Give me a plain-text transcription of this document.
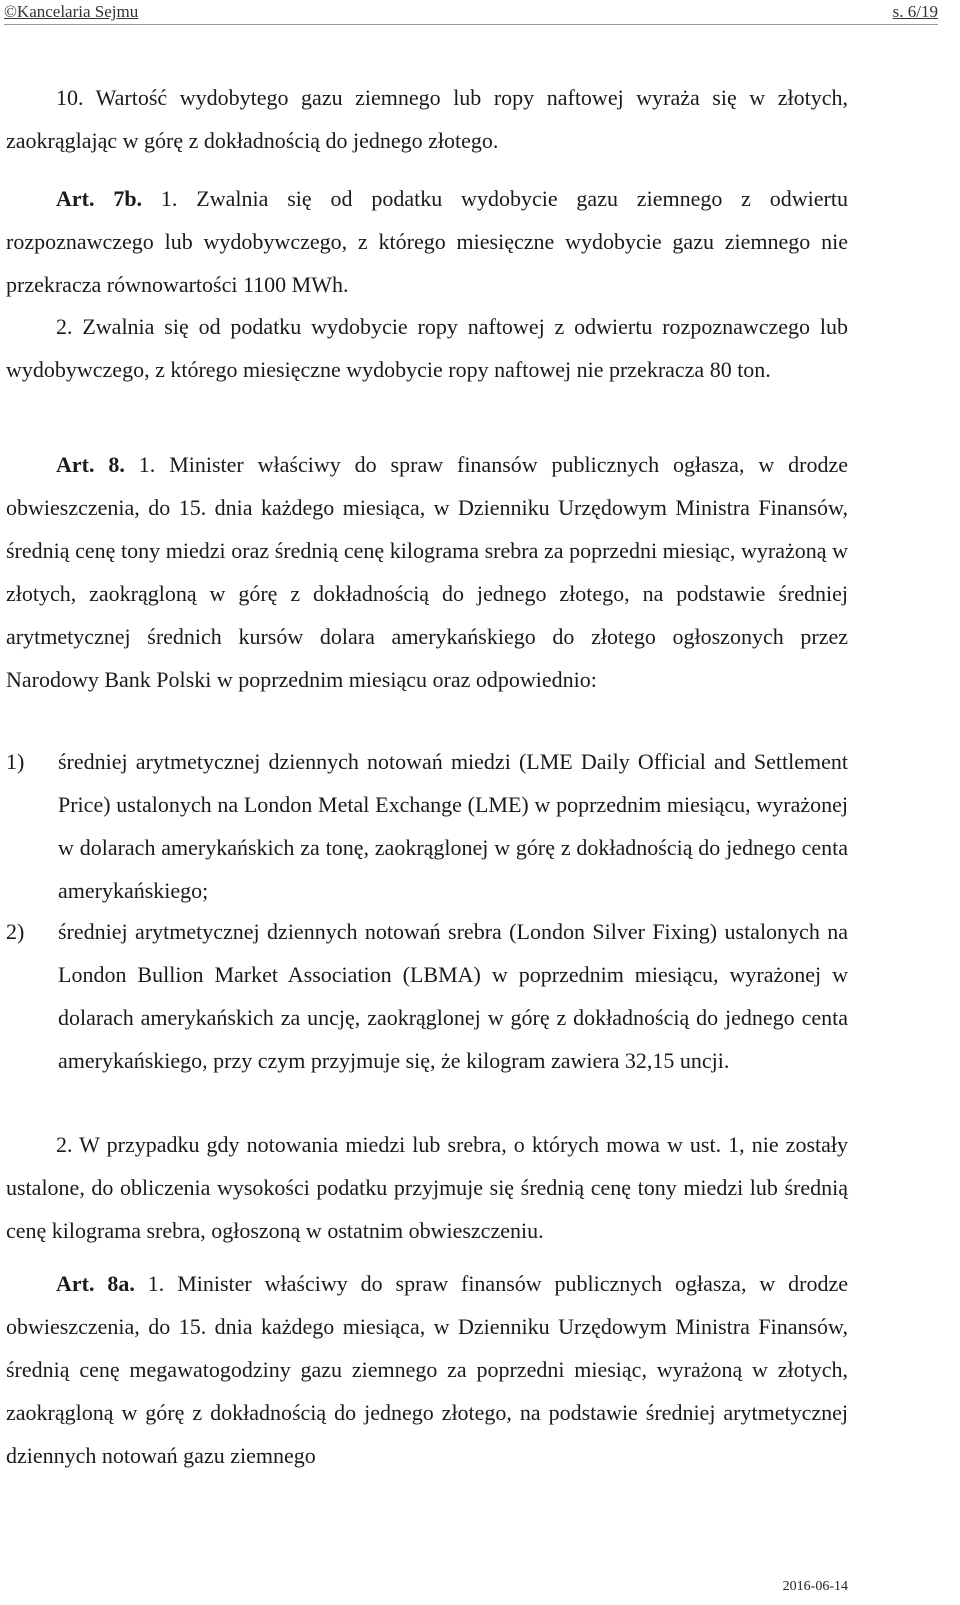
©Kancelaria Sejmu	s. 6/19
10. Wartość wydobytego gazu ziemnego lub ropy naftowej wyraża się w złotych, zaokrąglając w górę z dokładnością do jednego złotego.
Art. 7b. 1. Zwalnia się od podatku wydobycie gazu ziemnego z odwiertu rozpoznawczego lub wydobywczego, z którego miesięczne wydobycie gazu ziemnego nie przekracza równowartości 1100 MWh.
2. Zwalnia się od podatku wydobycie ropy naftowej z odwiertu rozpoznawczego lub wydobywczego, z którego miesięczne wydobycie ropy naftowej nie przekracza 80 ton.
Art. 8. 1. Minister właściwy do spraw finansów publicznych ogłasza, w drodze obwieszczenia, do 15. dnia każdego miesiąca, w Dzienniku Urzędowym Ministra Finansów, średnią cenę tony miedzi oraz średnią cenę kilograma srebra za poprzedni miesiąc, wyrażoną w złotych, zaokrągloną w górę z dokładnością do jednego złotego, na podstawie średniej arytmetycznej średnich kursów dolara amerykańskiego do złotego ogłoszonych przez Narodowy Bank Polski w poprzednim miesiącu oraz odpowiednio:
1) średniej arytmetycznej dziennych notowań miedzi (LME Daily Official and Settlement Price) ustalonych na London Metal Exchange (LME) w poprzednim miesiącu, wyrażonej w dolarach amerykańskich za tonę, zaokrąglonej w górę z dokładnością do jednego centa amerykańskiego;
2) średniej arytmetycznej dziennych notowań srebra (London Silver Fixing) ustalonych na London Bullion Market Association (LBMA) w poprzednim miesiącu, wyrażonej w dolarach amerykańskich za uncję, zaokrąglonej w górę z dokładnością do jednego centa amerykańskiego, przy czym przyjmuje się, że kilogram zawiera 32,15 uncji.
2. W przypadku gdy notowania miedzi lub srebra, o których mowa w ust. 1, nie zostały ustalone, do obliczenia wysokości podatku przyjmuje się średnią cenę tony miedzi lub średnią cenę kilograma srebra, ogłoszoną w ostatnim obwieszczeniu.
Art. 8a. 1. Minister właściwy do spraw finansów publicznych ogłasza, w drodze obwieszczenia, do 15. dnia każdego miesiąca, w Dzienniku Urzędowym Ministra Finansów, średnią cenę megawatogodziny gazu ziemnego za poprzedni miesiąc, wyrażoną w złotych, zaokrągloną w górę z dokładnością do jednego złotego, na podstawie średniej arytmetycznej dziennych notowań gazu ziemnego
2016-06-14
